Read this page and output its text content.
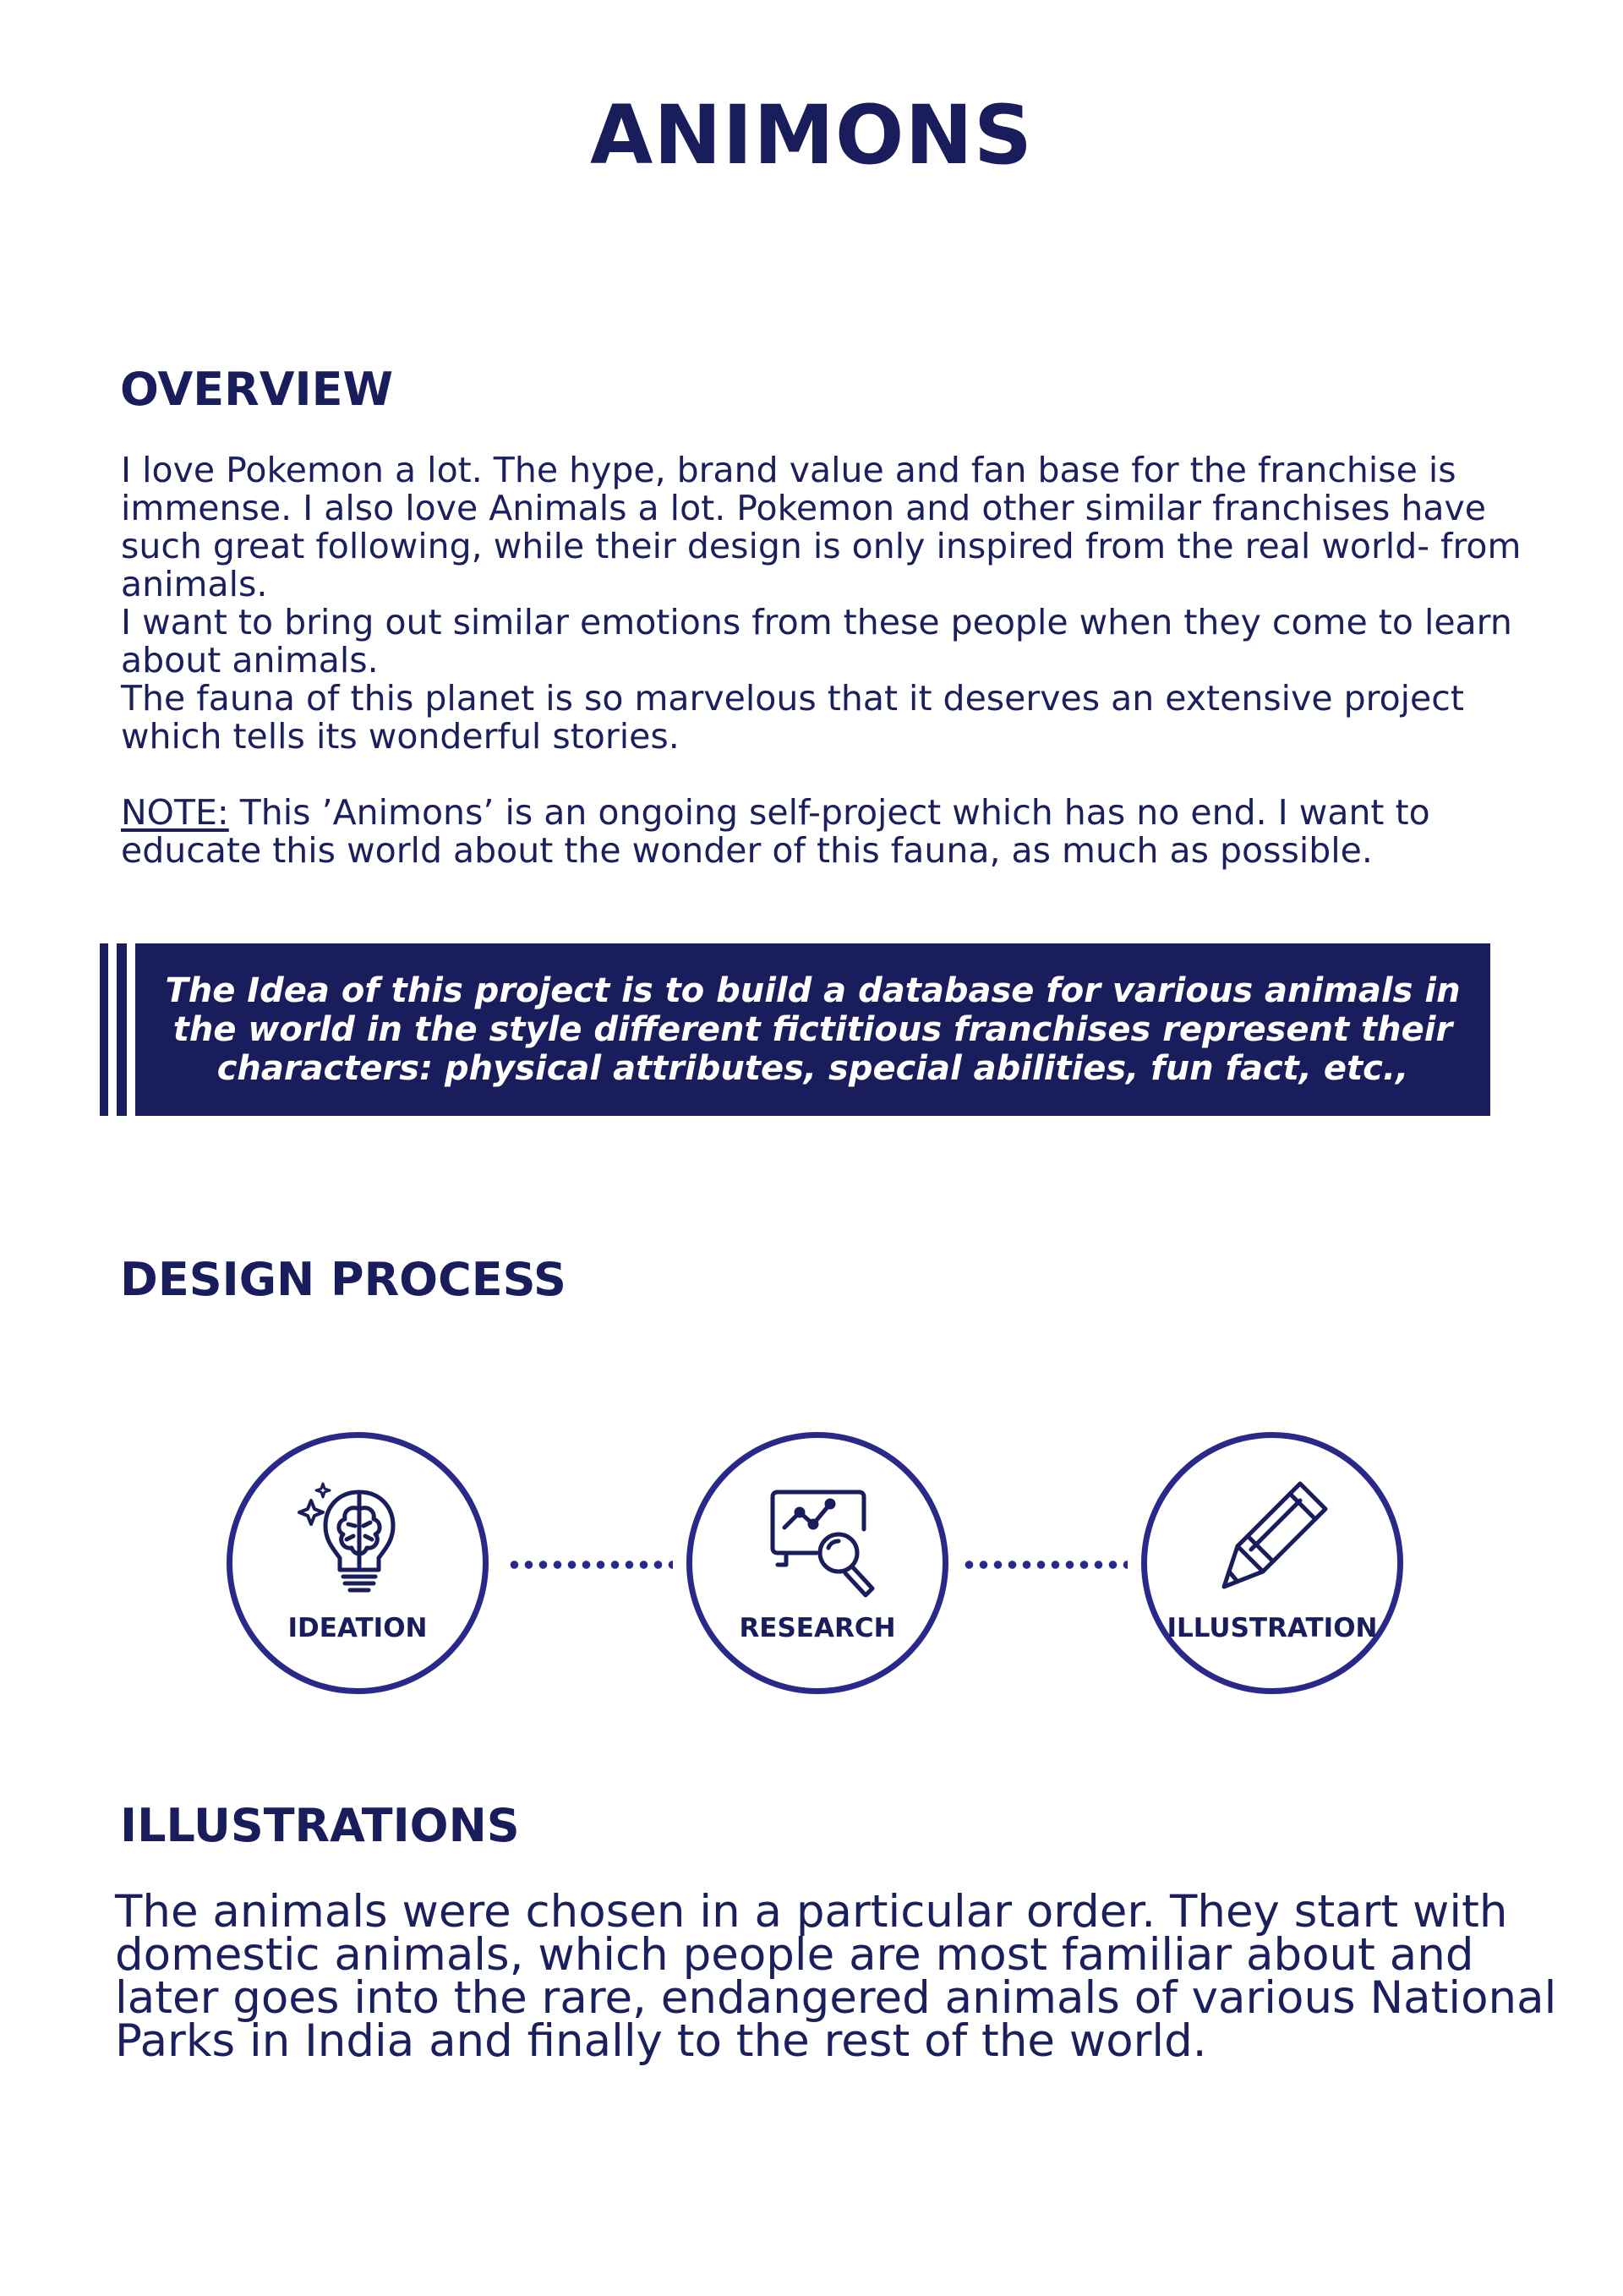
ANIMONS
OVERVIEW

I love Pokemon a lot. The hype, brand value and fan base for the franchise is immense. I also love Animals a lot. Pokemon and other similar franchises have such great following, while their design is only inspired from the real world- from animals.

I want to bring out similar emotions from these people when they come to learn about animals.

The fauna of this planet is so marvelous that it deserves an extensive project which tells its wonderful stories.

NOTE: This ’Animons’ is an ongoing self-project which has no end. I want to educate this world about the wonder of this fauna, as much as possible.

The Idea of this project is to build a database for various animals in the world in the style different fictitious franchises represent their characters: physical attributes, special abilities, fun fact, etc.,
DESIGN PROCESS
IDEATION	RESEARCH	ILLUSTRATION
ILLUSTRATIONS
The animals were chosen in a particular order. They start with domestic animals, which people are most familiar about and later goes into the rare, endangered animals of various National Parks in India and finally to the rest of the world.
